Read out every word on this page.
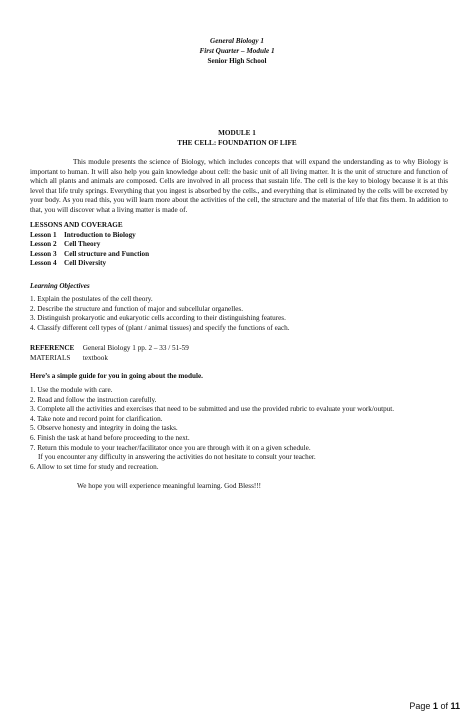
General Biology 1
First Quarter – Module 1
Senior High School
MODULE 1
THE CELL: FOUNDATION OF LIFE

This module presents the science of Biology, which includes concepts that will expand the understanding as to why Biology is important to human. It will also help you gain knowledge about cell: the basic unit of all living matter. It is the unit of structure and function of which all plants and animals are composed. Cells are involved in all process that sustain life. The cell is the key to biology because it is at this level that life truly springs. Everything that you ingest is absorbed by the cells., and everything that is eliminated by the cells will be excreted by your body. As you read this, you will learn more about the activities of the cell, the structure and the material of life that fits them. In addition to that, you will discover what a living matter is made of.

LESSONS AND COVERAGE
Lesson 1 Introduction to Biology
Lesson 2 Cell Theory
Lesson 3 Cell structure and Function
Lesson 4 Cell Diversity
Learning Objectives
1. Explain the postulates of the cell theory.
2. Describe the structure and function of major and subcellular organelles.
3. Distinguish prokaryotic and eukaryotic cells according to their distinguishing features.
4. Classify different cell types of (plant / animal tissues) and specify the functions of each.
REFERENCE General Biology 1 pp. 2 – 33 / 51-59
MATERIALS textbook
Here’s a simple guide for you in going about the module.
1. Use the module with care.
2. Read and follow the instruction carefully.
3. Complete all the activities and exercises that need to be submitted and use the provided rubric to evaluate your work/output.
4. Take note and record point for clarification.
5. Observe honesty and integrity in doing the tasks.
6. Finish the task at hand before proceeding to the next.
7. Return this module to your teacher/facilitator once you are through with it on a given schedule.
If you encounter any difficulty in answering the activities do not hesitate to consult your teacher.
6. Allow to set time for study and recreation.
We hope you will experience meaningful learning. God Bless!!!
Page 1 of 11
